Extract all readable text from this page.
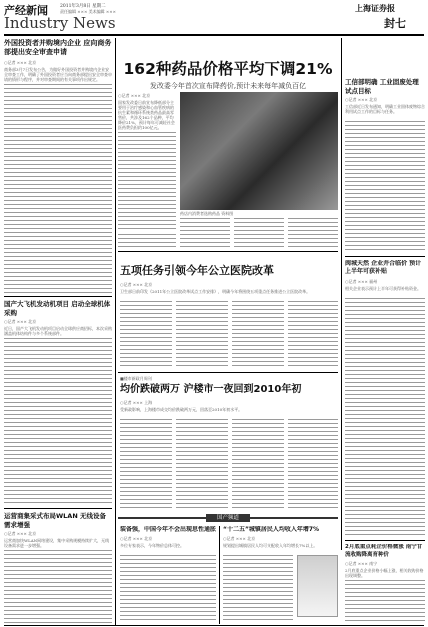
产经新闻	2011年3月8日 星期二
责任编辑 ××× 美术编辑 ×××
Industry News
上海证券报
封七
外国投资者并购境内企业 应向商务部提出安全审查申请
○记者 ××× 北京
商务部3月7日发布公告，为做好外国投资者并购境内企业安全审查工作，明确了外国投资者应当向商务部提出安全审查申请的情形与程序，并对审查期间的有关事项作出规定。
国产大飞机发动机项目 启动全球机体采购
○记者 ××× 北京
近日，国产大飞机发动机项目启动全球供应商招标，本次采购涵盖机体结构件与多个系统部件。
运营商集采式布局WLAN 无线设备需求增强
○记者 ××× 北京
运营商加快WLAN网络建设，集中采购规模持续扩大，无线设备需求进一步增强。
162种药品价格平均下调21%
发改委今年首次宣布降药价,预计未来每年减负百亿
○记者 ××× 北京
国家发改委日前宣布降低部分主要用于治疗感染和心血管疾病的抗生素和循环系统类药品最高零售价，共涉及162个品种，平均降价21%，预计每年可减轻社会医药费负担约100亿元。
药店内消费者选购药品 资料图
工信部明确 工业固废处理试点目标
○记者 ××× 北京
工信部近日发布通知，明确工业固体废物综合利用试点工作的目标与任务。
闽城天然 企业并合临价 预计上半年可获补贴
○记者 ××× 福州
相关企业表示预计上半年可获得补贴资金。
五项任务引领今年公立医院改革
○记者 ××× 北京
卫生部日前印发《2011年公立医院改革试点工作安排》，明确今年将围绕五项重点任务推进公立医院改革。
■楼市新政月周刊
均价跌破两万 沪楼市一夜回到2010年初
○记者 ××× 上海
受新政影响，上海楼市成交均价跌破两万元，回落至2010年初水平。
2月底重点耗企价格微涨 南宁甘流收购降离育种价
○记者 ××× 南宁
2月底重点企业价格小幅上涨，相关收购价格出现调整。
国产频道
装备强，中国今年不会出现思性通胀
○记者 ××× 北京
多位专家表示，今年物价总体可控。
“十二五”城镇居民人均收入年增7%
○记者 ××× 北京
规划提出城镇居民人均可支配收入年均增长7%以上。
